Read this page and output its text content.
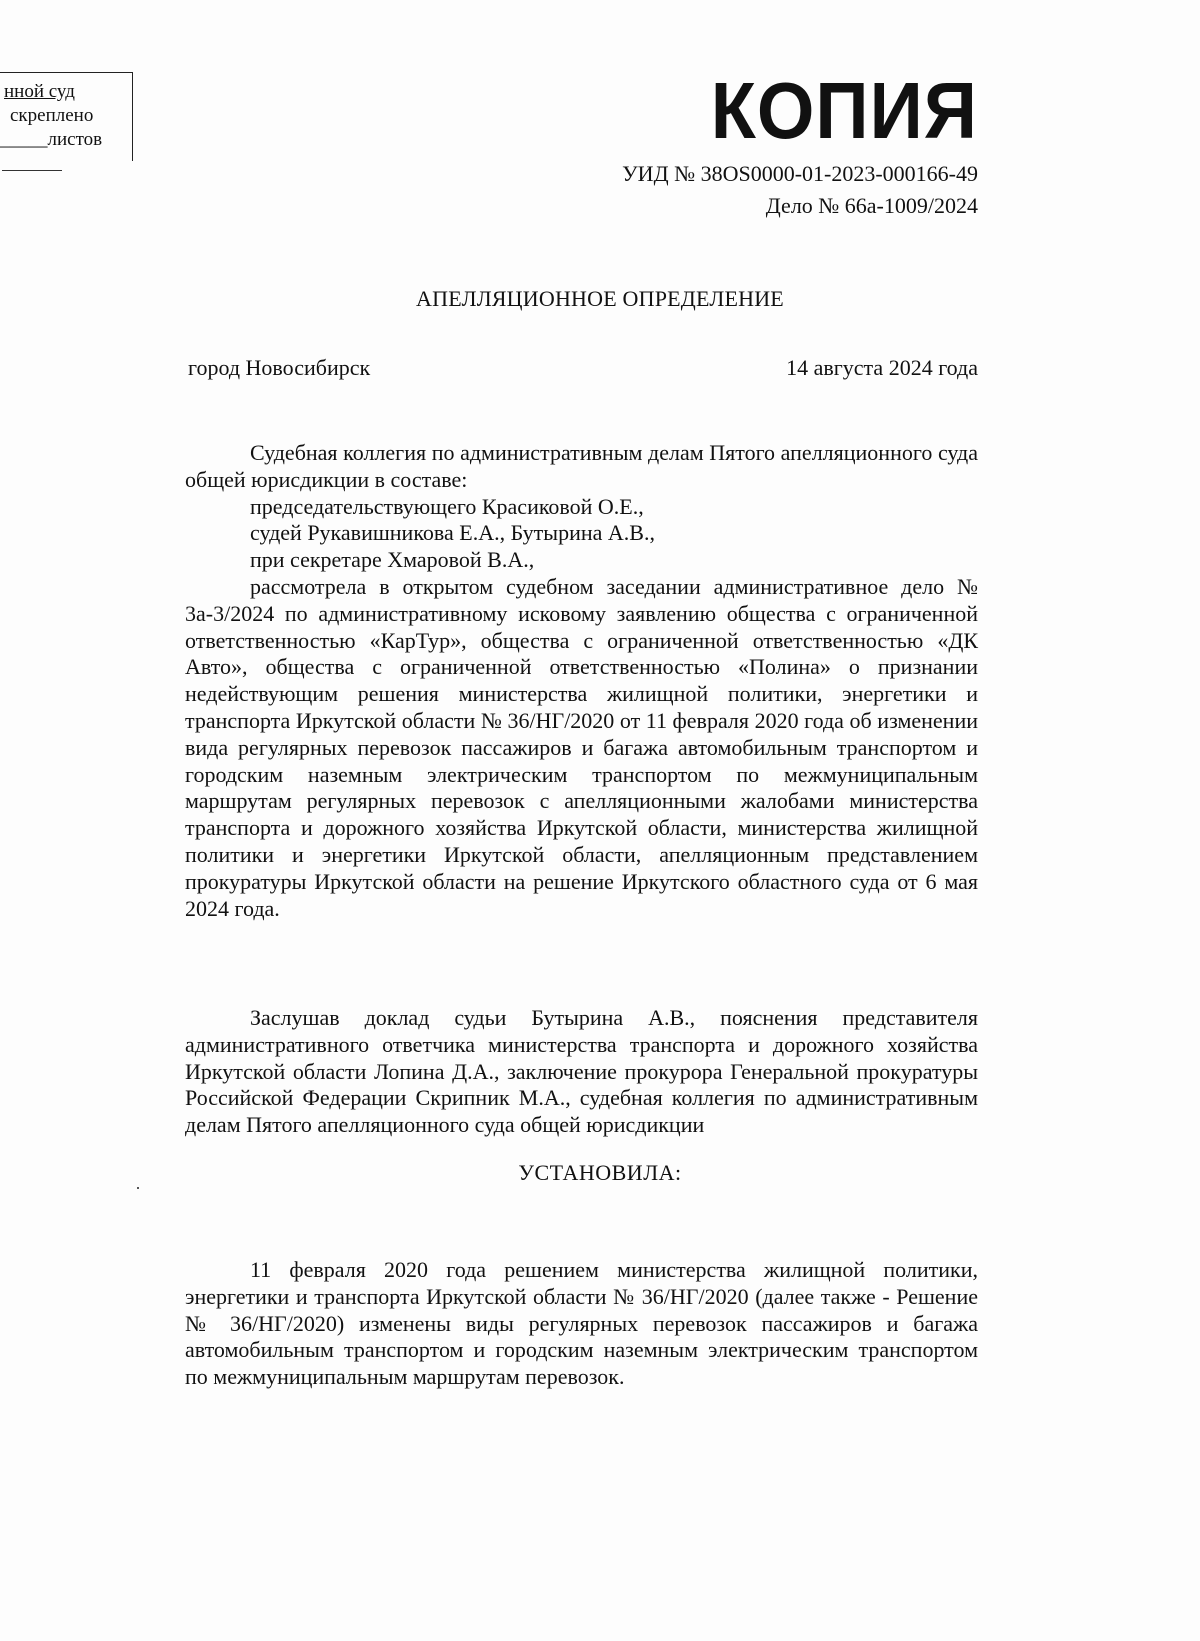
нной суд
скреплено
_____листов	КОПИЯ
УИД № 38OS0000-01-2023-000166-49
Дело № 66а-1009/2024
АПЕЛЛЯЦИОННОЕ ОПРЕДЕЛЕНИЕ
город Новосибирск	14 августа 2024 года
Судебная коллегия по административным делам Пятого апелляционного суда общей юрисдикции в составе:
председательствующего Красиковой О.Е.,
судей Рукавишникова Е.А., Бутырина А.В.,
при секретаре Хмаровой В.А.,
рассмотрела в открытом судебном заседании административное дело № 3а-3/2024 по административному исковому заявлению общества с ограниченной ответственностью «КарТур», общества с ограниченной ответственностью «ДК Авто», общества с ограниченной ответственностью «Полина» о признании недействующим решения министерства жилищной политики, энергетики и транспорта Иркутской области № 36/НГ/2020 от 11 февраля 2020 года об изменении вида регулярных перевозок пассажиров и багажа автомобильным транспортом и городским наземным электрическим транспортом по межмуниципальным маршрутам регулярных перевозок с апелляционными жалобами министерства транспорта и дорожного хозяйства Иркутской области, министерства жилищной политики и энергетики Иркутской области, апелляционным представлением прокуратуры Иркутской области на решение Иркутского областного суда от 6 мая 2024 года.
Заслушав доклад судьи Бутырина А.В., пояснения представителя административного ответчика министерства транспорта и дорожного хозяйства Иркутской области Лопина Д.А., заключение прокурора Генеральной прокуратуры Российской Федерации Скрипник М.А., судебная коллегия по административным делам Пятого апелляционного суда общей юрисдикции
УСТАНОВИЛА:
11 февраля 2020 года решением министерства жилищной политики, энергетики и транспорта Иркутской области № 36/НГ/2020 (далее также - Решение № 36/НГ/2020) изменены виды регулярных перевозок пассажиров и багажа автомобильным транспортом и городским наземным электрическим транспортом по межмуниципальным маршрутам перевозок.
